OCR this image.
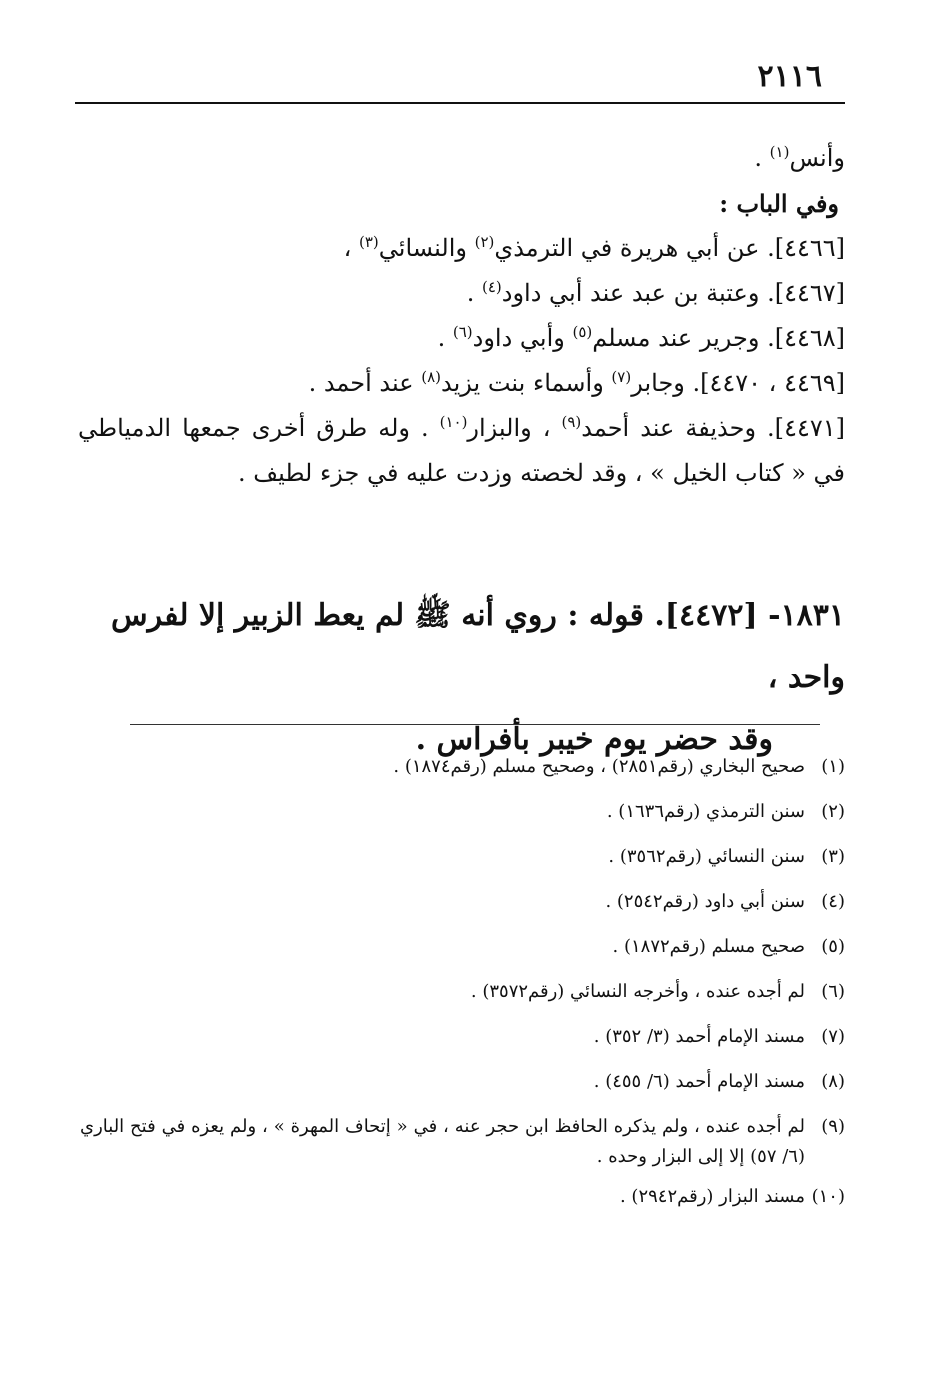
٢١١٦
وأنس$^{(١)}$ .
وفي الباب :
[٤٤٦٦]. عن أبي هريرة في الترمذي$^{(٢)}$ والنسائي$^{(٣)}$ ،
[٤٤٦٧]. وعتبة بن عبد عند أبي داود$^{(٤)}$ .
[٤٤٦٨]. وجرير عند مسلم$^{(٥)}$ وأبي داود$^{(٦)}$ .
[٤٤٦٩ ، ٤٤٧٠]. وجابر$^{(٧)}$ وأسماء بنت يزيد$^{(٨)}$ عند أحمد .
[٤٤٧١]. وحذيفة عند أحمد$^{(٩)}$ ، والبزار$^{(١٠)}$ . وله طرق أخرى جمعها الدمياطي في « كتاب الخيل » ، وقد لخصته وزدت عليه في جزء لطيف .
١٨٣١- [٤٤٧٢]. قوله : روي أنه ﷺ لم يعط الزبير إلا لفرس واحد ،
وقد حضر يوم خيبر بأفراس .
(١)
صحيح البخاري (رقم٢٨٥١) ، وصحيح مسلم (رقم١٨٧٤) .
(٢)
سنن الترمذي (رقم١٦٣٦) .
(٣)
سنن النسائي (رقم٣٥٦٢) .
(٤)
سنن أبي داود (رقم٢٥٤٢) .
(٥)
صحيح مسلم (رقم١٨٧٢) .
(٦)
لم أجده عنده ، وأخرجه النسائي (رقم٣٥٧٢) .
(٧)
مسند الإمام أحمد (٣/ ٣٥٢) .
(٨)
مسند الإمام أحمد (٦/ ٤٥٥) .
(٩)
لم أجده عنده ، ولم يذكره الحافظ ابن حجر عنه ، في « إتحاف المهرة » ، ولم يعزه في فتح الباري (٦/ ٥٧) إلا إلى البزار وحده .
(١٠)
مسند البزار (رقم٢٩٤٢) .
